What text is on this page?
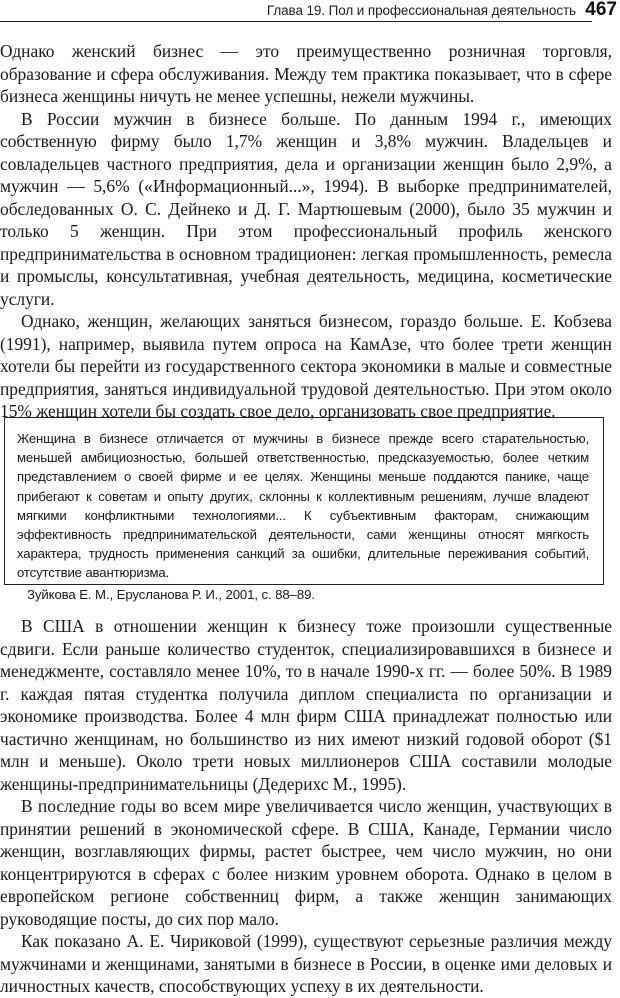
Глава 19. Пол и профессиональная деятельность 467

Однако женский бизнес — это преимущественно розничная торговля, образование и сфера обслуживания. Между тем практика показывает, что в сфере бизнеса женщины ничуть не менее успешны, нежели мужчины.

В России мужчин в бизнесе больше. По данным 1994 г., имеющих собственную фирму было 1,7% женщин и 3,8% мужчин. Владельцев и совладельцев частного предприятия, дела и организации женщин было 2,9%, а мужчин — 5,6% («Информационный...», 1994). В выборке предпринимателей, обследованных О. С. Дейнеко и Д. Г. Мартюшевым (2000), было 35 мужчин и только 5 женщин. При этом профессиональный профиль женского предпринимательства в основном традиционен: легкая промышленность, ремесла и промыслы, консультативная, учебная деятельность, медицина, косметические услуги.

Однако, женщин, желающих заняться бизнесом, гораздо больше. Е. Кобзева (1991), например, выявила путем опроса на КамАзе, что более трети женщин хотели бы перейти из государственного сектора экономики в малые и совместные предприятия, заняться индивидуальной трудовой деятельностью. При этом около 15% женщин хотели бы создать свое дело, организовать свое предприятие.

Женщина в бизнесе отличается от мужчины в бизнесе прежде всего старательностью, меньшей амбициозностью, большей ответственностью, предсказуемостью, более четким представлением о своей фирме и ее целях. Женщины меньше поддаются панике, чаще прибегают к советам и опыту других, склонны к коллективным решениям, лучше владеют мягкими конфликтными технологиями... К субъективным факторам, снижающим эффективность предпринимательской деятельности, сами женщины относят мягкость характера, трудность применения санкций за ошибки, длительные переживания событий, отсутствие авантюризма.

Зуйкова Е. М., Ерусланова Р. И., 2001, с. 88–89.

В США в отношении женщин к бизнесу тоже произошли существенные сдвиги. Если раньше количество студенток, специализировавшихся в бизнесе и менеджменте, составляло менее 10%, то в начале 1990-х гг. — более 50%. В 1989 г. каждая пятая студентка получила диплом специалиста по организации и экономике производства. Более 4 млн фирм США принадлежат полностью или частично женщинам, но большинство из них имеют низкий годовой оборот ($1 млн и меньше). Около трети новых миллионеров США составили молодые женщины-предпринимательницы (Дедерихс М., 1995).

В последние годы во всем мире увеличивается число женщин, участвующих в принятии решений в экономической сфере. В США, Канаде, Германии число женщин, возглавляющих фирмы, растет быстрее, чем число мужчин, но они концентрируются в сферах с более низким уровнем оборота. Однако в целом в европейском регионе собственниц фирм, а также женщин занимающих руководящие посты, до сих пор мало.

Как показано А. Е. Чириковой (1999), существуют серьезные различия между мужчинами и женщинами, занятыми в бизнесе в России, в оценке ими деловых и личностных качеств, способствующих успеху в их деятельности.
